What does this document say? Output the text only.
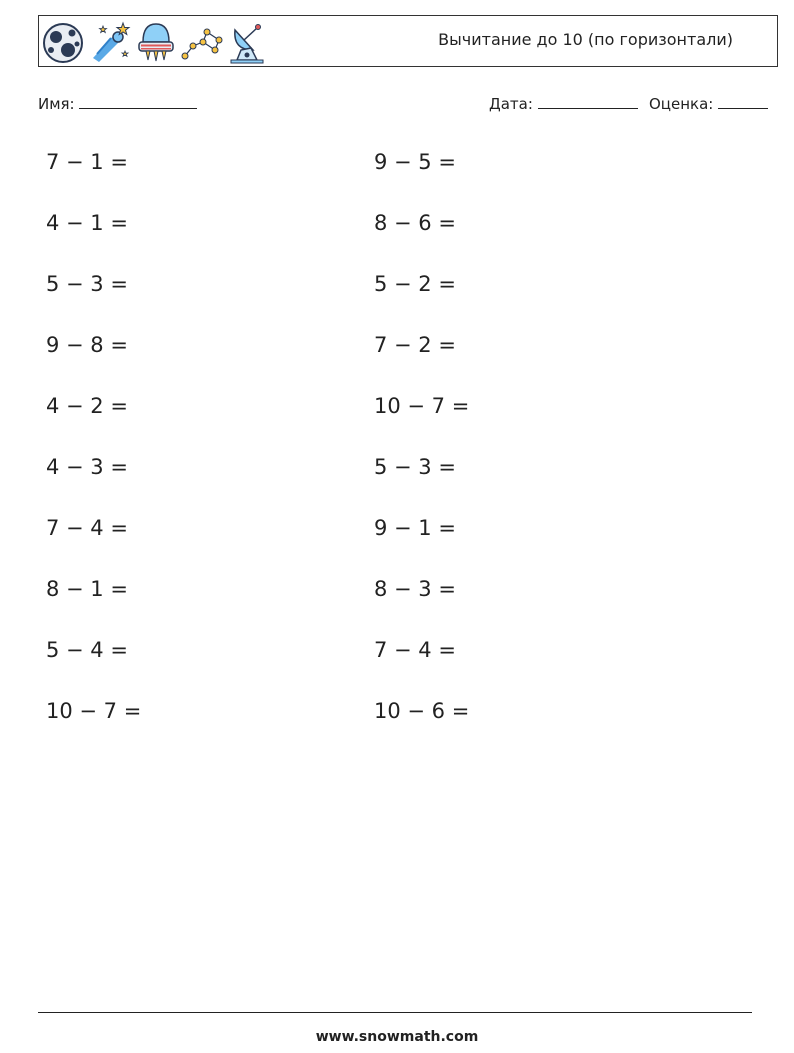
Вычитание до 10 (по горизонтали)
Имя:	Дата:	Оценка:
7 − 1 =
4 − 1 =
5 − 3 =
9 − 8 =
4 − 2 =
4 − 3 =
7 − 4 =
8 − 1 =
5 − 4 =
10 − 7 =
9 − 5 =
8 − 6 =
5 − 2 =
7 − 2 =
10 − 7 =
5 − 3 =
9 − 1 =
8 − 3 =
7 − 4 =
10 − 6 =
www.snowmath.com
